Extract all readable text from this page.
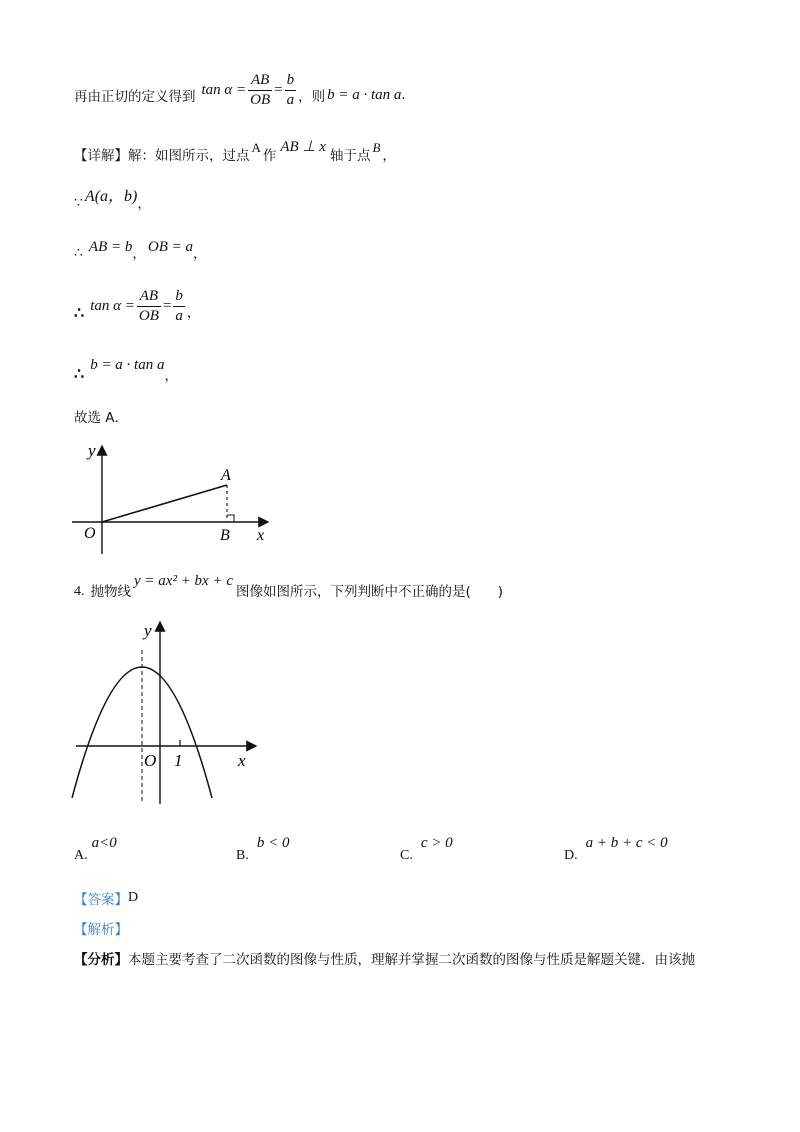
再由正切的定义得到 $\tan \alpha = \frac{AB}{OB} = \frac{b}{a}$ ，则 b = a · tan a .
【详解】 解：如图所示，过点
A
作
AB ⊥ x
轴于点
B
，
∵ A(a，b) ，
∴ AB = b ， OB = a ，
∴ $\tan \alpha = \frac{AB}{OB} = \frac{b}{a}$ ，
∴
b = a · tan a
，
故选 A．
y
A
O	B x
4. 抛物线
y = ax² + bx + c
图像如图所示，下列判断中不正确的是(　　)
y
O 1	x
A.
a<0
B.
b < 0
C.
c > 0
D.
a + b + c < 0
【答案】 D
【解析】
【分析】 本题主要考查了二次函数的图像与性质，理解并掌握二次函数的图像与性质是解题关键．由该抛
